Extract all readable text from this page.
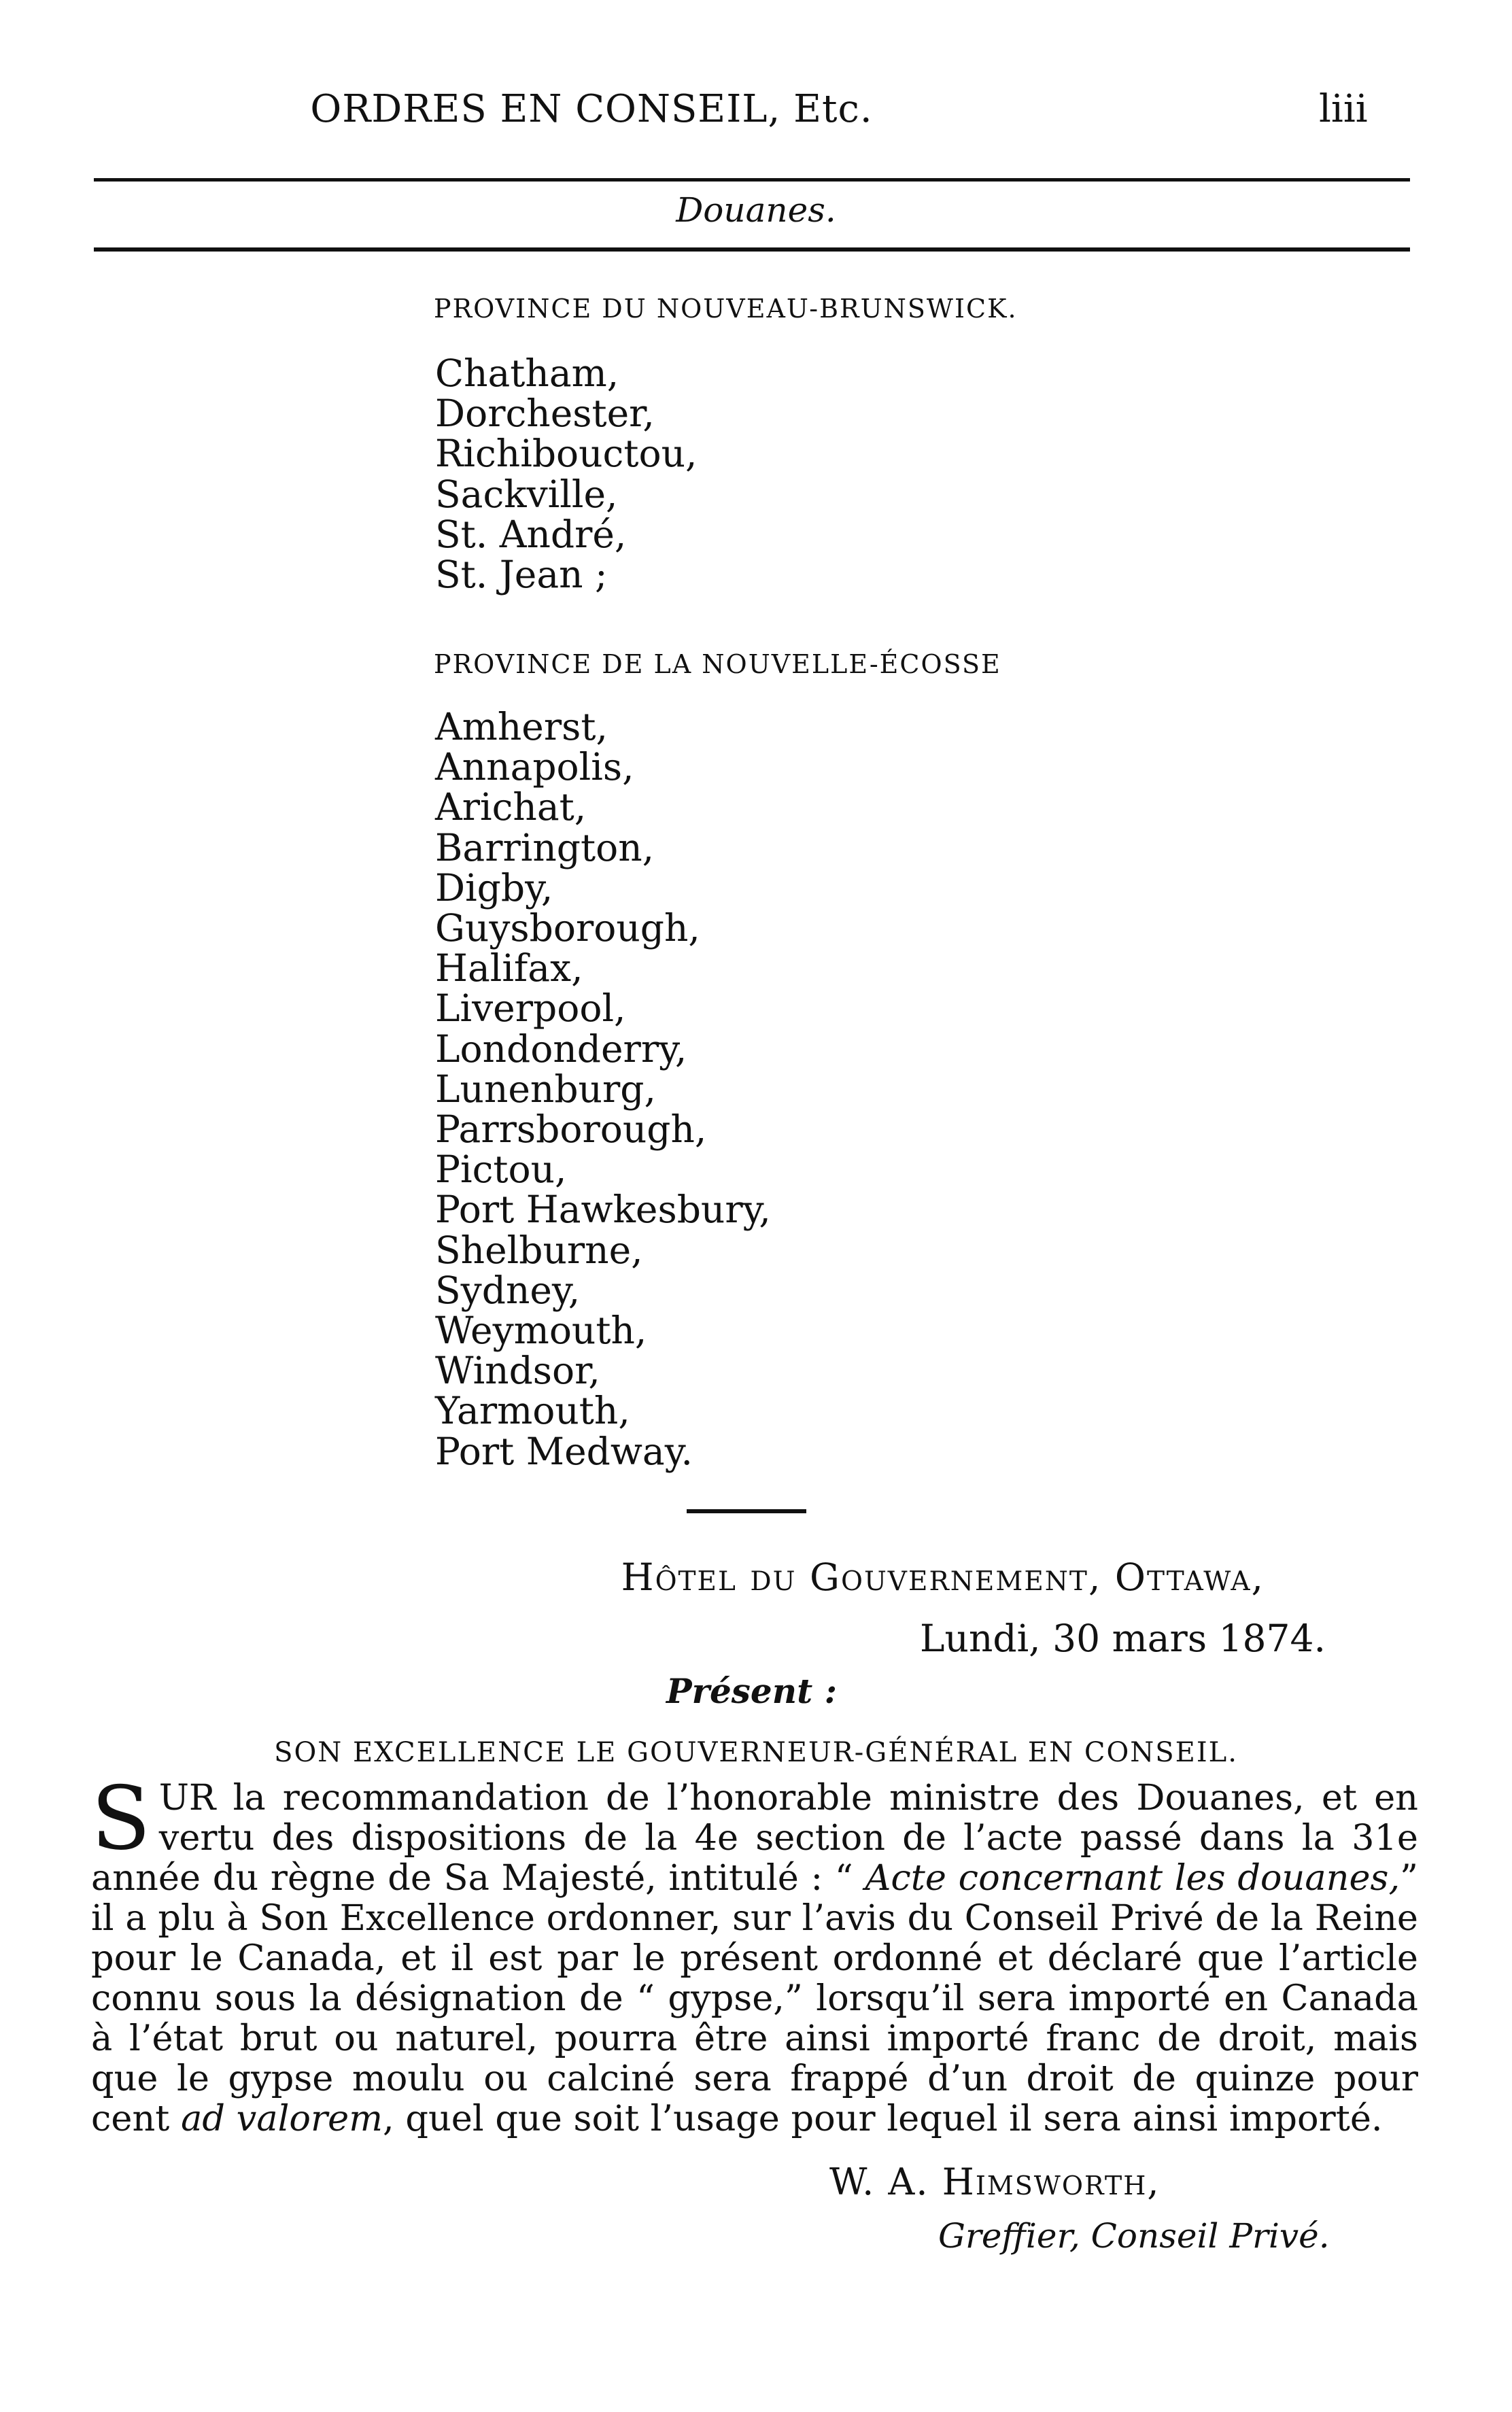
ORDRES EN CONSEIL, Etc.	liii
Douanes.
PROVINCE DU NOUVEAU-BRUNSWICK.
Chatham,
Dorchester,
Richibouctou,
Sackville,
St. André,
St. Jean ;
PROVINCE DE LA NOUVELLE-ÉCOSSE
Amherst,
Annapolis,
Arichat,
Barrington,
Digby,
Guysborough,
Halifax,
Liverpool,
Londonderry,
Lunenburg,
Parrsborough,
Pictou,
Port Hawkesbury,
Shelburne,
Sydney,
Weymouth,
Windsor,
Yarmouth,
Port Medway.
Hôtel du Gouvernement, Ottawa,
Lundi, 30 mars 1874.
Présent :
SON EXCELLENCE LE GOUVERNEUR-GÉNÉRAL EN CONSEIL.

SUR la recommandation de l’honorable ministre des Douanes, et en vertu des dispositions de la 4e section de l’acte passé dans la 31e année du règne de Sa Majesté, intitulé : “ Acte concernant les douanes,” il a plu à Son Excellence ordonner, sur l’avis du Conseil Privé de la Reine pour le Canada, et il est par le présent ordonné et déclaré que l’article connu sous la désignation de “ gypse,” lorsqu’il sera importé en Canada à l’état brut ou naturel, pourra être ainsi importé franc de droit, mais que le gypse moulu ou calciné sera frappé d’un droit de quinze pour cent ad valorem, quel que soit l’usage pour lequel il sera ainsi importé.

W. A. Himsworth,
Greffier, Conseil Privé.
